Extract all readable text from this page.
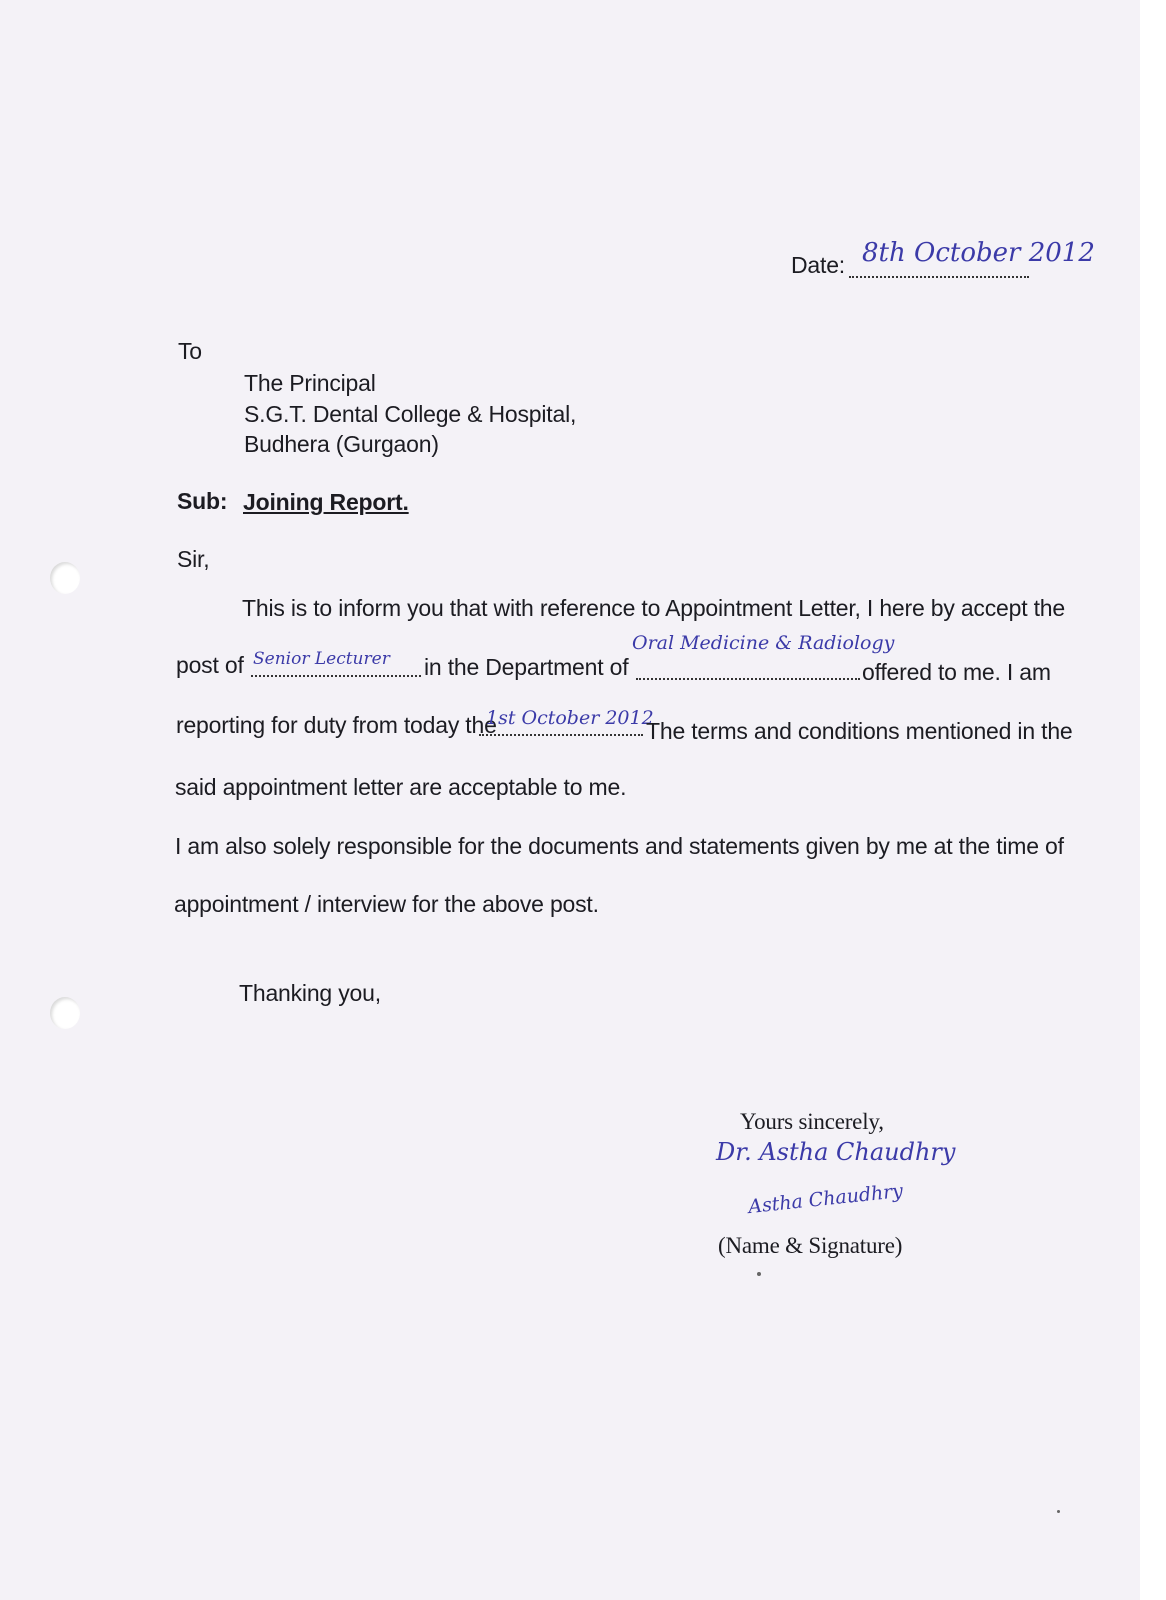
Date: 8th October 2012
To
The Principal
S.G.T. Dental College & Hospital,
Budhera (Gurgaon)
Sub: Joining Report.
Sir,
This is to inform you that with reference to Appointment Letter, I here by accept the
post of Senior Lecturer in the Department of
Oral Medicine & Radiology
offered to me. I am
reporting for duty from today the
1st October 2012
The terms and conditions mentioned in the
said appointment letter are acceptable to me.
I am also solely responsible for the documents and statements given by me at the time of
appointment / interview for the above post.
Thanking you,
Yours sincerely,
Dr. Astha Chaudhry
Astha Chaudhry
(Name & Signature)
